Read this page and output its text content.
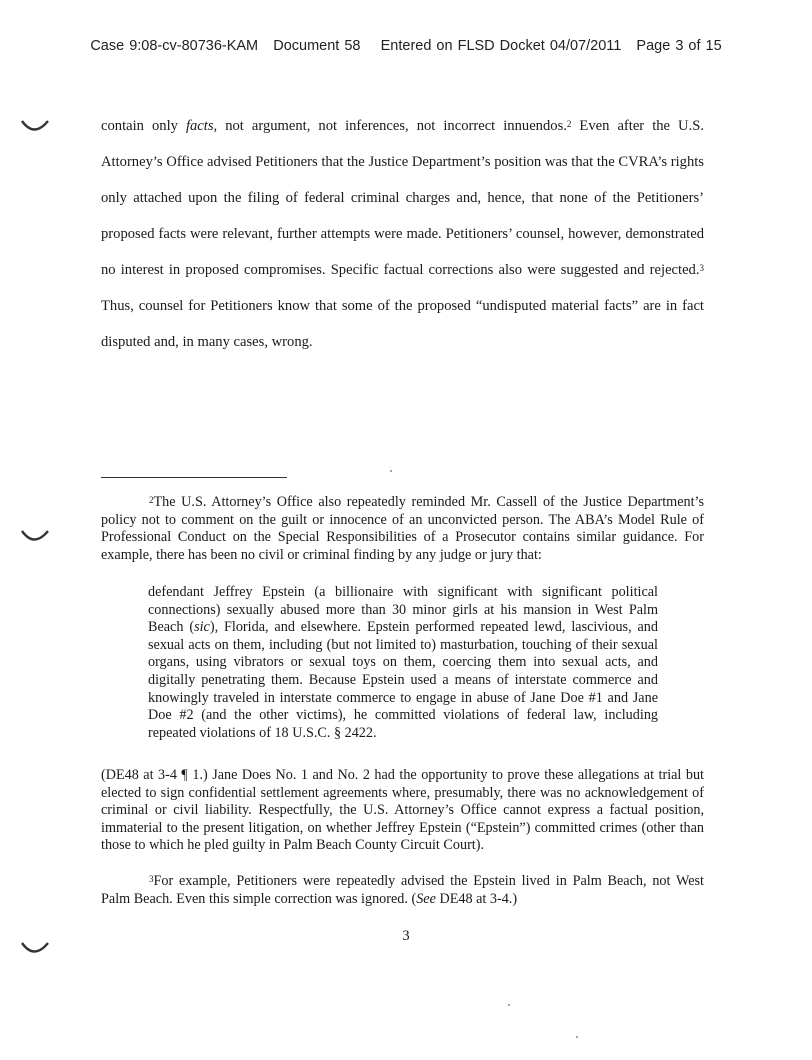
Case 9:08-cv-80736-KAM Document 58 Entered on FLSD Docket 04/07/2011 Page 3 of 15

contain only facts, not argument, not inferences, not incorrect innuendos.$^2$ Even after the U.S. Attorney’s Office advised Petitioners that the Justice Department’s position was that the CVRA’s rights only attached upon the filing of federal criminal charges and, hence, that none of the Petitioners’ proposed facts were relevant, further attempts were made. Petitioners’ counsel, however, demonstrated no interest in proposed compromises. Specific factual corrections also were suggested and rejected.$^3$ Thus, counsel for Petitioners know that some of the proposed “undisputed material facts” are in fact disputed and, in many cases, wrong.

$^2$The U.S. Attorney’s Office also repeatedly reminded Mr. Cassell of the Justice Department’s policy not to comment on the guilt or innocence of an unconvicted person. The ABA’s Model Rule of Professional Conduct on the Special Responsibilities of a Prosecutor contains similar guidance. For example, there has been no civil or criminal finding by any judge or jury that:

defendant Jeffrey Epstein (a billionaire with significant with significant political connections) sexually abused more than 30 minor girls at his mansion in West Palm Beach (sic), Florida, and elsewhere. Epstein performed repeated lewd, lascivious, and sexual acts on them, including (but not limited to) masturbation, touching of their sexual organs, using vibrators or sexual toys on them, coercing them into sexual acts, and digitally penetrating them. Because Epstein used a means of interstate commerce and knowingly traveled in interstate commerce to engage in abuse of Jane Doe #1 and Jane Doe #2 (and the other victims), he committed violations of federal law, including repeated violations of 18 U.S.C. § 2422.

(DE48 at 3-4 ¶ 1.) Jane Does No. 1 and No. 2 had the opportunity to prove these allegations at trial but elected to sign confidential settlement agreements where, presumably, there was no acknowledgement of criminal or civil liability. Respectfully, the U.S. Attorney’s Office cannot express a factual position, immaterial to the present litigation, on whether Jeffrey Epstein (“Epstein”) committed crimes (other than those to which he pled guilty in Palm Beach County Circuit Court).

$^3$For example, Petitioners were repeatedly advised the Epstein lived in Palm Beach, not West Palm Beach. Even this simple correction was ignored. (See DE48 at 3-4.)

3
